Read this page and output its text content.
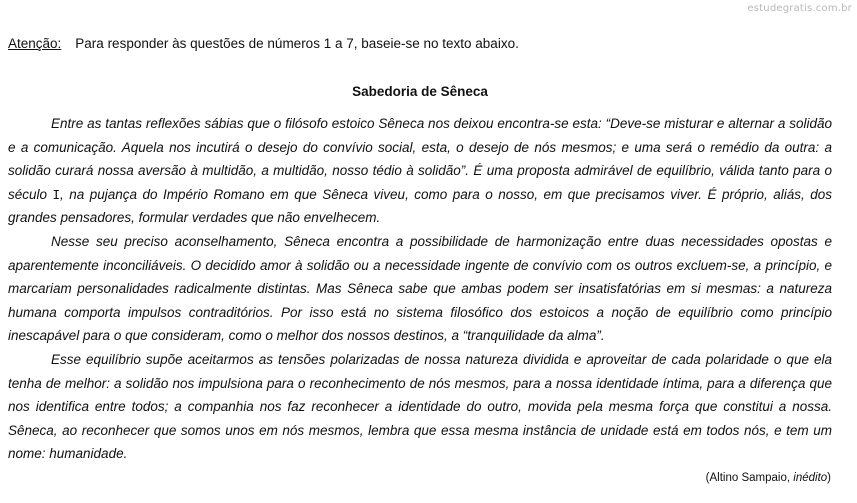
estudegratis.com.br
Atenção: Para responder às questões de números 1 a 7, baseie-se no texto abaixo.
Sabedoria de Sêneca

Entre as tantas reflexões sábias que o filósofo estoico Sêneca nos deixou encontra-se esta: “Deve-se misturar e alternar a solidão e a comunicação. Aquela nos incutirá o desejo do convívio social, esta, o desejo de nós mesmos; e uma será o remédio da outra: a solidão curará nossa aversão à multidão, a multidão, nosso tédio à solidão”. É uma proposta admirável de equilíbrio, válida tanto para o século I, na pujança do Império Romano em que Sêneca viveu, como para o nosso, em que precisamos viver. É próprio, aliás, dos grandes pensadores, formular verdades que não envelhecem.

Nesse seu preciso aconselhamento, Sêneca encontra a possibilidade de harmonização entre duas necessidades opostas e aparentemente inconciliáveis. O decidido amor à solidão ou a necessidade ingente de convívio com os outros excluem-se, a princípio, e marcariam personalidades radicalmente distintas. Mas Sêneca sabe que ambas podem ser insatisfatórias em si mesmas: a natureza humana comporta impulsos contraditórios. Por isso está no sistema filosófico dos estoicos a noção de equilíbrio como princípio inescapável para o que consideram, como o melhor dos nossos destinos, a “tranquilidade da alma”.

Esse equilíbrio supõe aceitarmos as tensões polarizadas de nossa natureza dividida e aproveitar de cada polaridade o que ela tenha de melhor: a solidão nos impulsiona para o reconhecimento de nós mesmos, para a nossa identidade íntima, para a diferença que nos identifica entre todos; a companhia nos faz reconhecer a identidade do outro, movida pela mesma força que constitui a nossa. Sêneca, ao reconhecer que somos unos em nós mesmos, lembra que essa mesma instância de unidade está em todos nós, e tem um nome: humanidade.

(Altino Sampaio, inédito)
